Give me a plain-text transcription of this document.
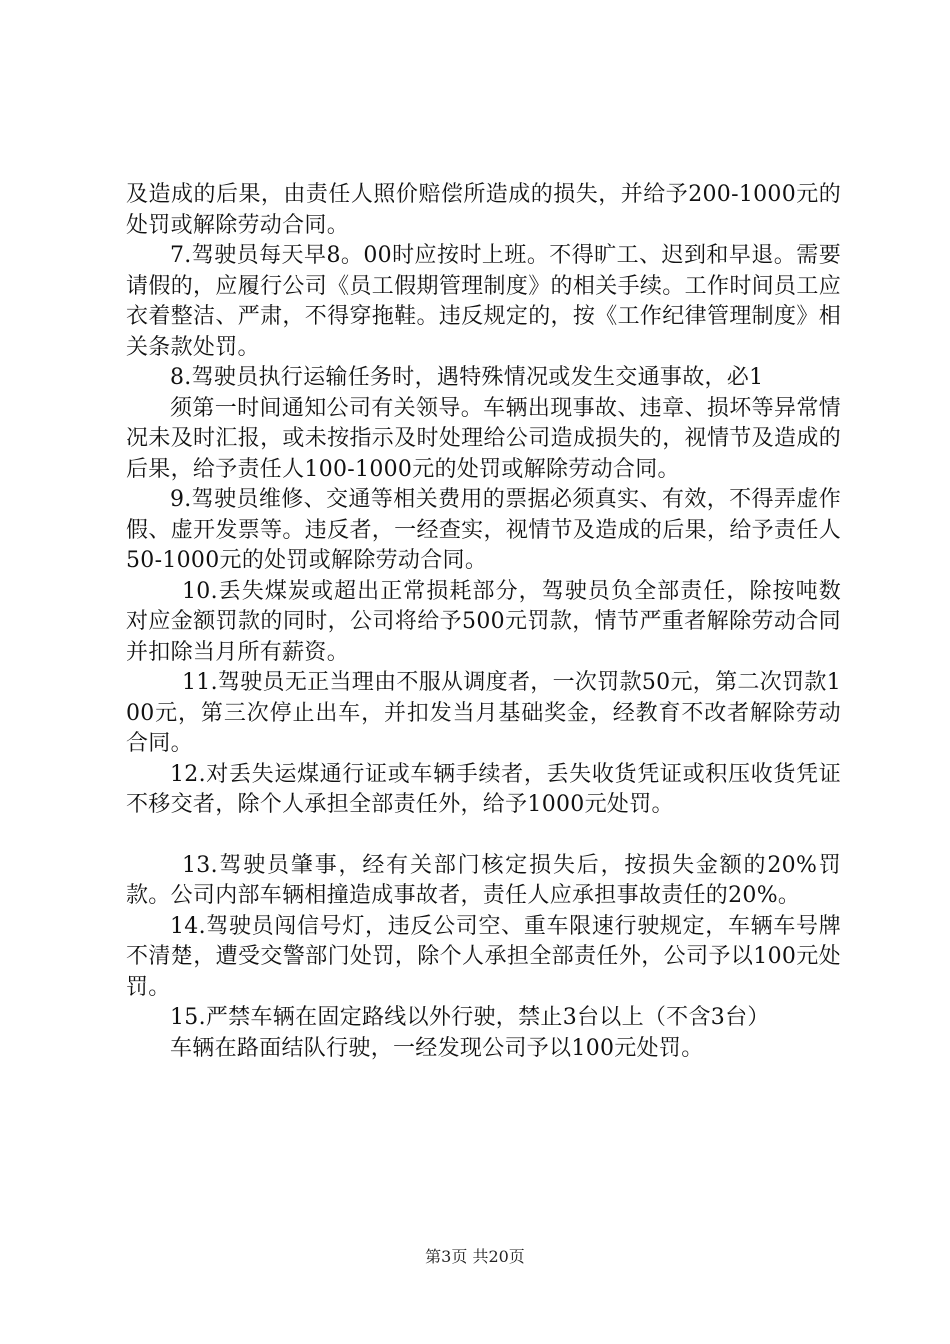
及造成的后果，由责任人照价赔偿所造成的损失，并给予200-1000元的处罚或解除劳动合同。

7.驾驶员每天早8。00时应按时上班。不得旷工、迟到和早退。需要请假的，应履行公司《员工假期管理制度》的相关手续。工作时间员工应衣着整洁、严肃，不得穿拖鞋。违反规定的，按《工作纪律管理制度》相关条款处罚。

8.驾驶员执行运输任务时，遇特殊情况或发生交通事故，必1

须第一时间通知公司有关领导。车辆出现事故、违章、损坏等异常情况未及时汇报，或未按指示及时处理给公司造成损失的，视情节及造成的后果，给予责任人100-1000元的处罚或解除劳动合同。

9.驾驶员维修、交通等相关费用的票据必须真实、有效，不得弄虚作假、虚开发票等。违反者，一经查实，视情节及造成的后果，给予责任人50-1000元的处罚或解除劳动合同。

10.丢失煤炭或超出正常损耗部分，驾驶员负全部责任，除按吨数对应金额罚款的同时，公司将给予500元罚款，情节严重者解除劳动合同并扣除当月所有薪资。

11.驾驶员无正当理由不服从调度者，一次罚款50元，第二次罚款100元，第三次停止出车，并扣发当月基础奖金，经教育不改者解除劳动合同。

12.对丢失运煤通行证或车辆手续者，丢失收货凭证或积压收货凭证不移交者，除个人承担全部责任外，给予1000元处罚。

13.驾驶员肇事，经有关部门核定损失后，按损失金额的20%罚款。公司内部车辆相撞造成事故者，责任人应承担事故责任的20%。

14.驾驶员闯信号灯，违反公司空、重车限速行驶规定，车辆车号牌不清楚，遭受交警部门处罚，除个人承担全部责任外，公司予以100元处罚。

15.严禁车辆在固定路线以外行驶，禁止3台以上（不含3台）

车辆在路面结队行驶，一经发现公司予以100元处罚。

第3页 共20页
